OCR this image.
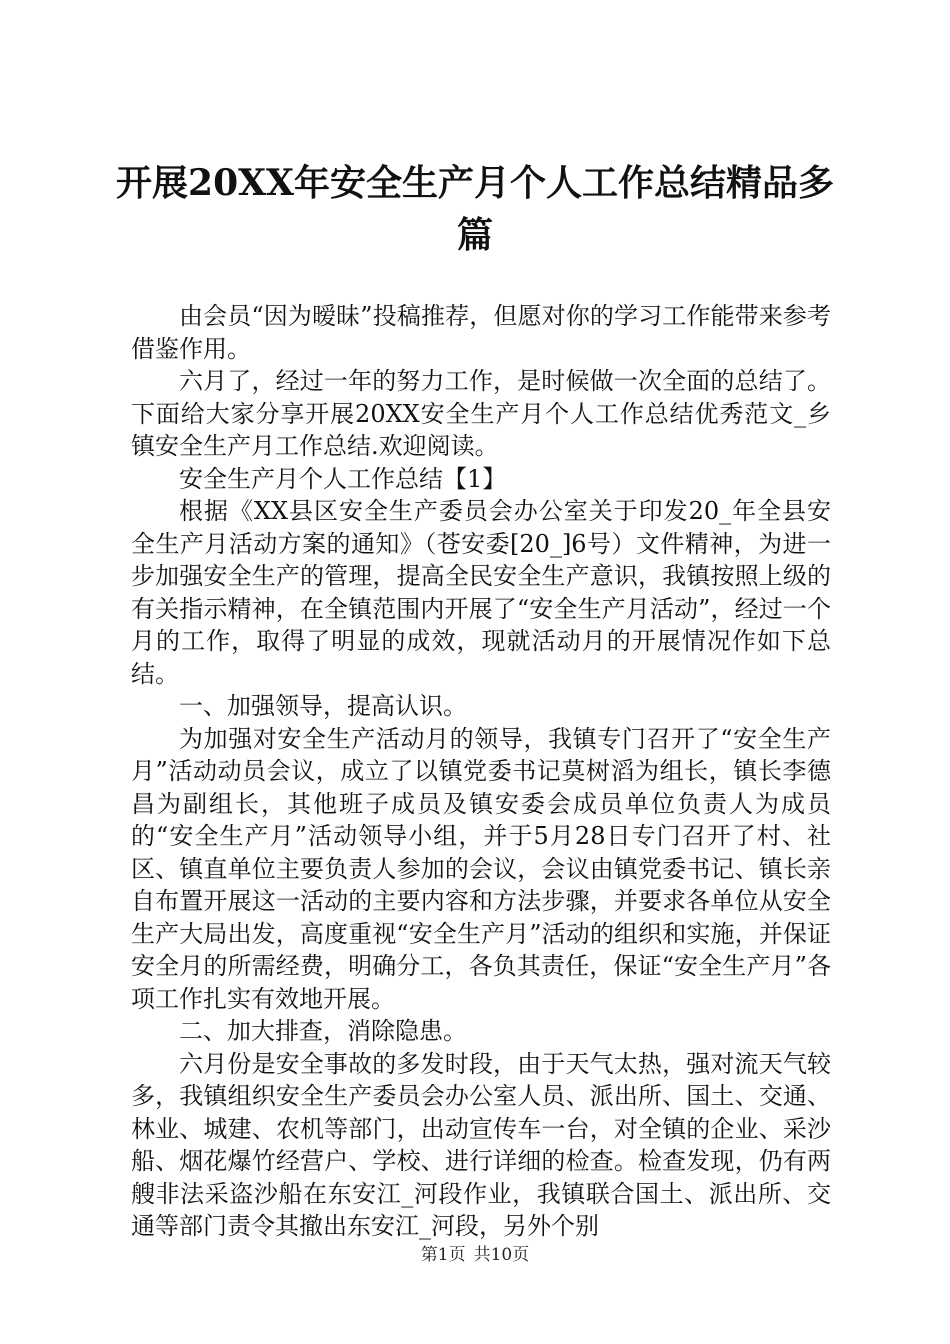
开展20XX年安全生产月个人工作总结精品多篇

由会员“因为暧昧”投稿推荐，但愿对你的学习工作能带来参考借鉴作用。

六月了，经过一年的努力工作，是时候做一次全面的总结了。下面给大家分享开展20XX安全生产月个人工作总结优秀范文_乡镇安全生产月工作总结.欢迎阅读。

安全生产月个人工作总结【1】

根据《XX县区安全生产委员会办公室关于印发20_年全县安全生产月活动方案的通知》（苍安委[20_]6号）文件精神，为进一步加强安全生产的管理，提高全民安全生产意识，我镇按照上级的有关指示精神，在全镇范围内开展了“安全生产月活动”，经过一个月的工作，取得了明显的成效，现就活动月的开展情况作如下总结。

一、加强领导，提高认识。

为加强对安全生产活动月的领导，我镇专门召开了“安全生产月”活动动员会议，成立了以镇党委书记莫树滔为组长，镇长李德昌为副组长，其他班子成员及镇安委会成员单位负责人为成员的“安全生产月”活动领导小组，并于5月28日专门召开了村、社区、镇直单位主要负责人参加的会议，会议由镇党委书记、镇长亲自布置开展这一活动的主要内容和方法步骤，并要求各单位从安全生产大局出发，高度重视“安全生产月”活动的组织和实施，并保证安全月的所需经费，明确分工，各负其责任，保证“安全生产月”各项工作扎实有效地开展。

二、加大排查，消除隐患。

六月份是安全事故的多发时段，由于天气太热，强对流天气较多，我镇组织安全生产委员会办公室人员、派出所、国土、交通、林业、城建、农机等部门，出动宣传车一台，对全镇的企业、采沙船、烟花爆竹经营户、学校、进行详细的检查。检查发现，仍有两艘非法采盗沙船在东安江_河段作业，我镇联合国土、派出所、交通等部门责令其撤出东安江_河段，另外个别

第1页 共10页
